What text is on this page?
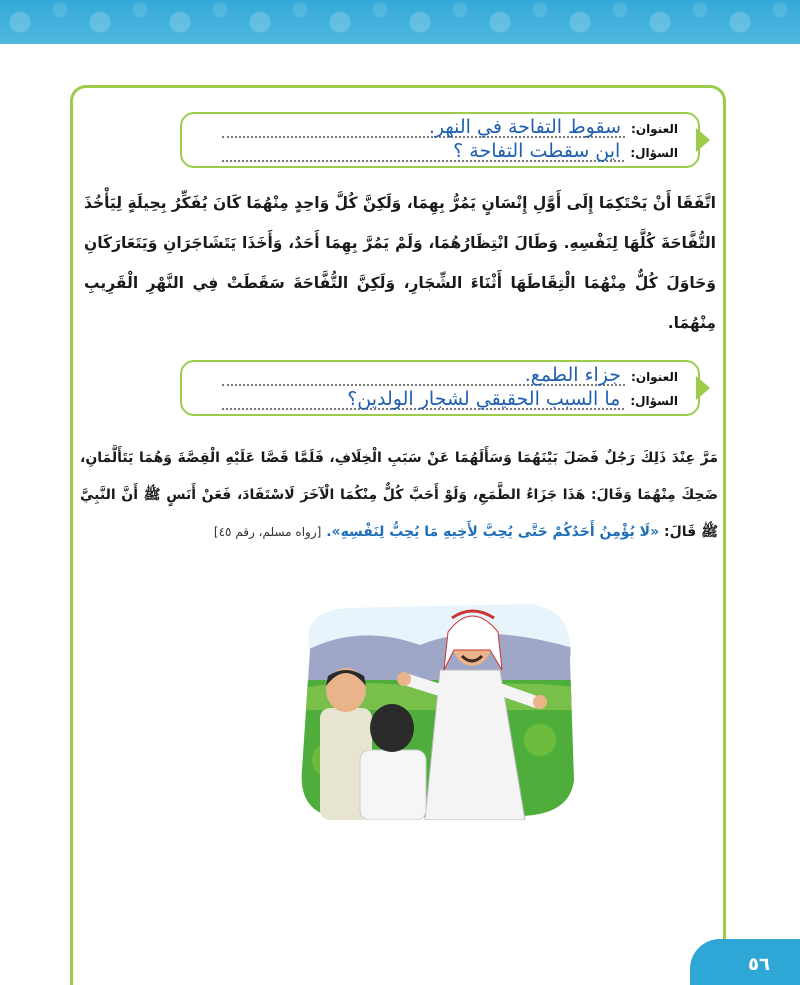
العنوان:
سقوط التفاحة في النهر.
السؤال:
اين سقطت التفاحة ؟

اتَّفَقَا أَنْ يَحْتَكِمَا إِلَى أَوَّلِ إِنْسَانٍ يَمُرُّ بِهِمَا، وَلَكِنَّ كُلَّ وَاحِدٍ مِنْهُمَا كَانَ يُفَكِّرُ بِحِيلَةٍ لِيَأْخُذَ التُّفَّاحَةَ كُلَّهَا لِنَفْسِهِ. وَطَالَ انْتِظَارُهُمَا، وَلَمْ يَمُرَّ بِهِمَا أَحَدٌ، وَأَخَذَا يَتَشَاجَرَانِ وَيَتَعَارَكَانِ وَحَاوَلَ كُلٌّ مِنْهُمَا الْتِقَاطَهَا أَثْنَاءَ الشِّجَارِ، وَلَكِنَّ التُّفَّاحَةَ سَقَطَتْ فِي النَّهْرِ الْقَرِيبِ مِنْهُمَا.

العنوان:
جزاء الطمع.
السؤال:
ما السبب الحقيقي لشجار الولدين؟

مَرَّ عِنْدَ ذَلِكَ رَجُلٌ فَصَلَ بَيْنَهُمَا وَسَأَلَهُمَا عَنْ سَبَبِ الْخِلَافِ، فَلَمَّا قَصَّا عَلَيْهِ الْقِصَّةَ وَهُمَا يَتَأَلَّمَانِ، ضَحِكَ مِنْهُمَا وَقَالَ: هَذَا جَزَاءُ الطَّمَعِ، وَلَوْ أَحَبَّ كُلٌّ مِنْكُمَا الْآخَرَ لَاسْتَفَادَ، فَعَنْ أَنَسٍ ﷺ أَنَّ النَّبِيَّ ﷺ قَالَ: «لَا يُؤْمِنُ أَحَدُكُمْ حَتَّى يُحِبَّ لِأَخِيهِ مَا يُحِبُّ لِنَفْسِهِ». [رواه مسلم، رقم ٤٥]

٥٦
